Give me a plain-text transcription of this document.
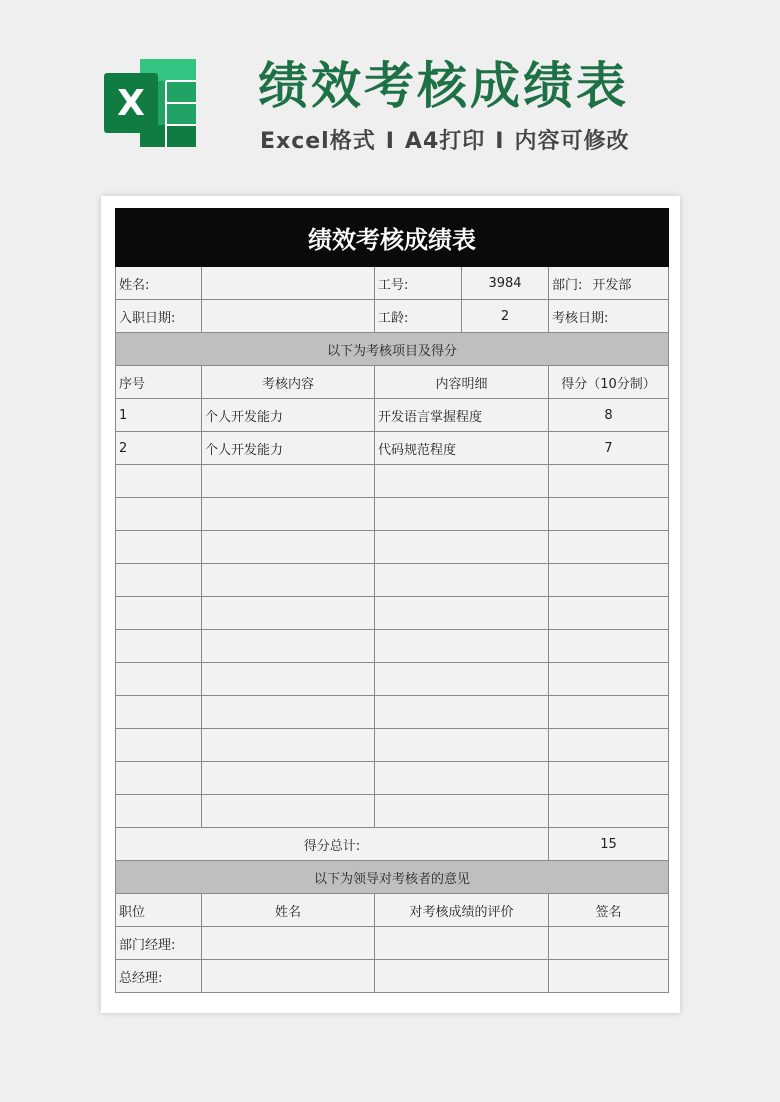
X 绩效考核成绩表
Excel格式 I A4打印 I 内容可修改
绩效考核成绩表				
姓名:		工号:	3984	部门: 开发部
入职日期:		工龄:	2	考核日期:
以下为考核项目及得分				
序号	考核内容	内容明细		得分（10分制）
1	个人开发能力	开发语言掌握程度		8
2	个人开发能力	代码规范程度		7

得分总计:				15
以下为领导对考核者的意见				
职位	姓名	对考核成绩的评价		签名
部门经理:				
总经理:				
